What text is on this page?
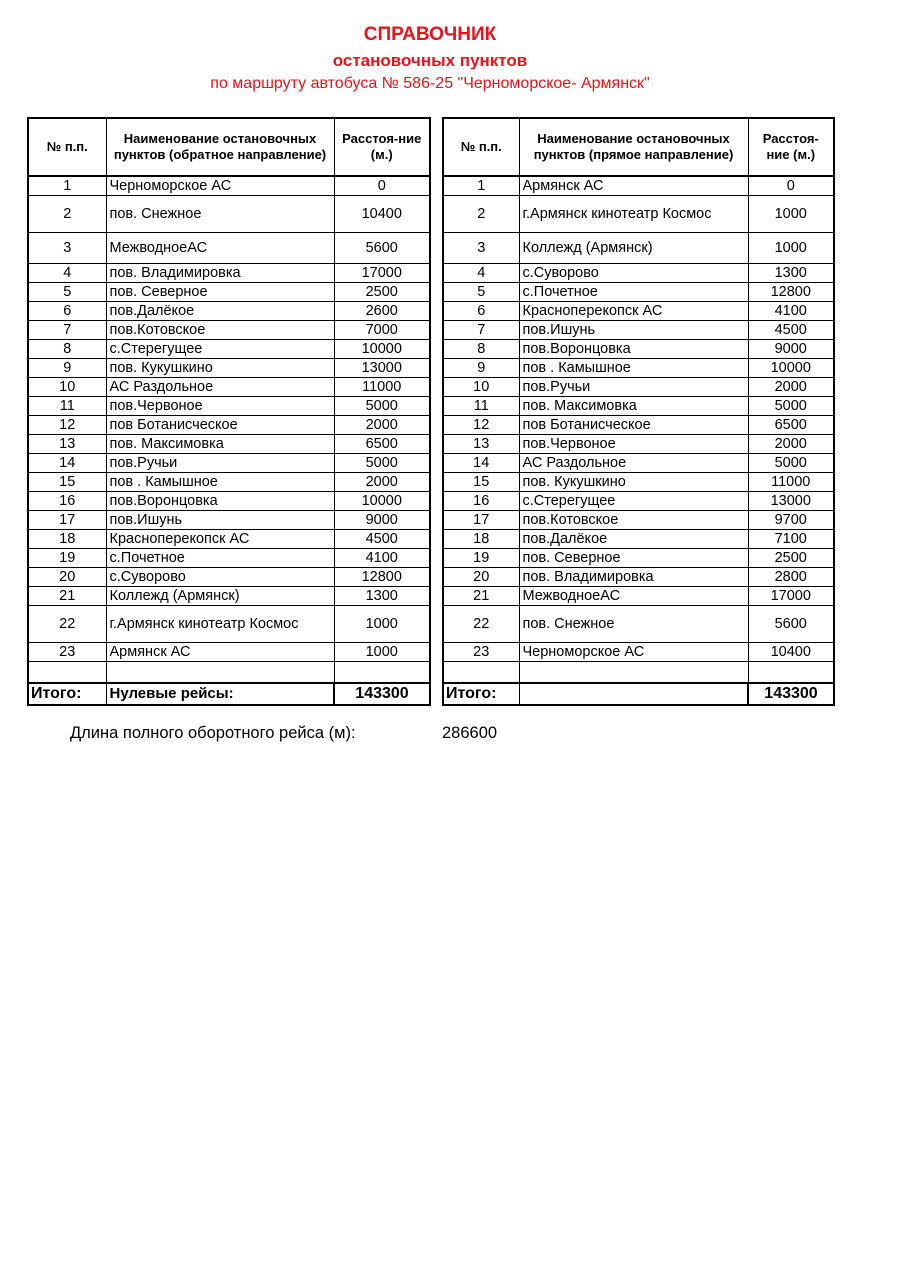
СПРАВОЧНИК
остановочных пунктов
по маршруту автобуса № 586-25 "Черноморское- Армянск"
№ п.п.	Наименование остановочных пунктов (обратное направление)	Расстоя-ние (м.)
1	Черноморское АС	0
2	пов. Снежное	10400
3	МежводноеАС	5600
4	пов. Владимировка	17000
5	пов. Северное	2500
6	пов.Далёкое	2600
7	пов.Котовское	7000
8	с.Стерегущее	10000
9	пов. Кукушкино	13000
10	АС Раздольное	11000
11	пов.Червоное	5000
12	пов Ботанисческое	2000
13	пов. Максимовка	6500
14	пов.Ручьи	5000
15	пов . Камышное	2000
16	пов.Воронцовка	10000
17	пов.Ишунь	9000
18	Красноперекопск АС	4500
19	с.Почетное	4100
20	с.Суворово	12800
21	Коллежд (Армянск)	1300
22	г.Армянск кинотеатр Космос	1000
23	Армянск АС	1000

Итого:	Нулевые рейсы:	143300
№ п.п.	Наименование остановочных пунктов (прямое направление)	Расстоя-ние (м.)
1	Армянск АС	0
2	г.Армянск кинотеатр Космос	1000
3	Коллежд (Армянск)	1000
4	с.Суворово	1300
5	с.Почетное	12800
6	Красноперекопск АС	4100
7	пов.Ишунь	4500
8	пов.Воронцовка	9000
9	пов . Камышное	10000
10	пов.Ручьи	2000
11	пов. Максимовка	5000
12	пов Ботанисческое	6500
13	пов.Червоное	2000
14	АС Раздольное	5000
15	пов. Кукушкино	11000
16	с.Стерегущее	13000
17	пов.Котовское	9700
18	пов.Далёкое	7100
19	пов. Северное	2500
20	пов. Владимировка	2800
21	МежводноеАС	17000
22	пов. Снежное	5600
23	Черноморское АС	10400

Итого:		143300
Длина полного оборотного рейса (м):	286600
